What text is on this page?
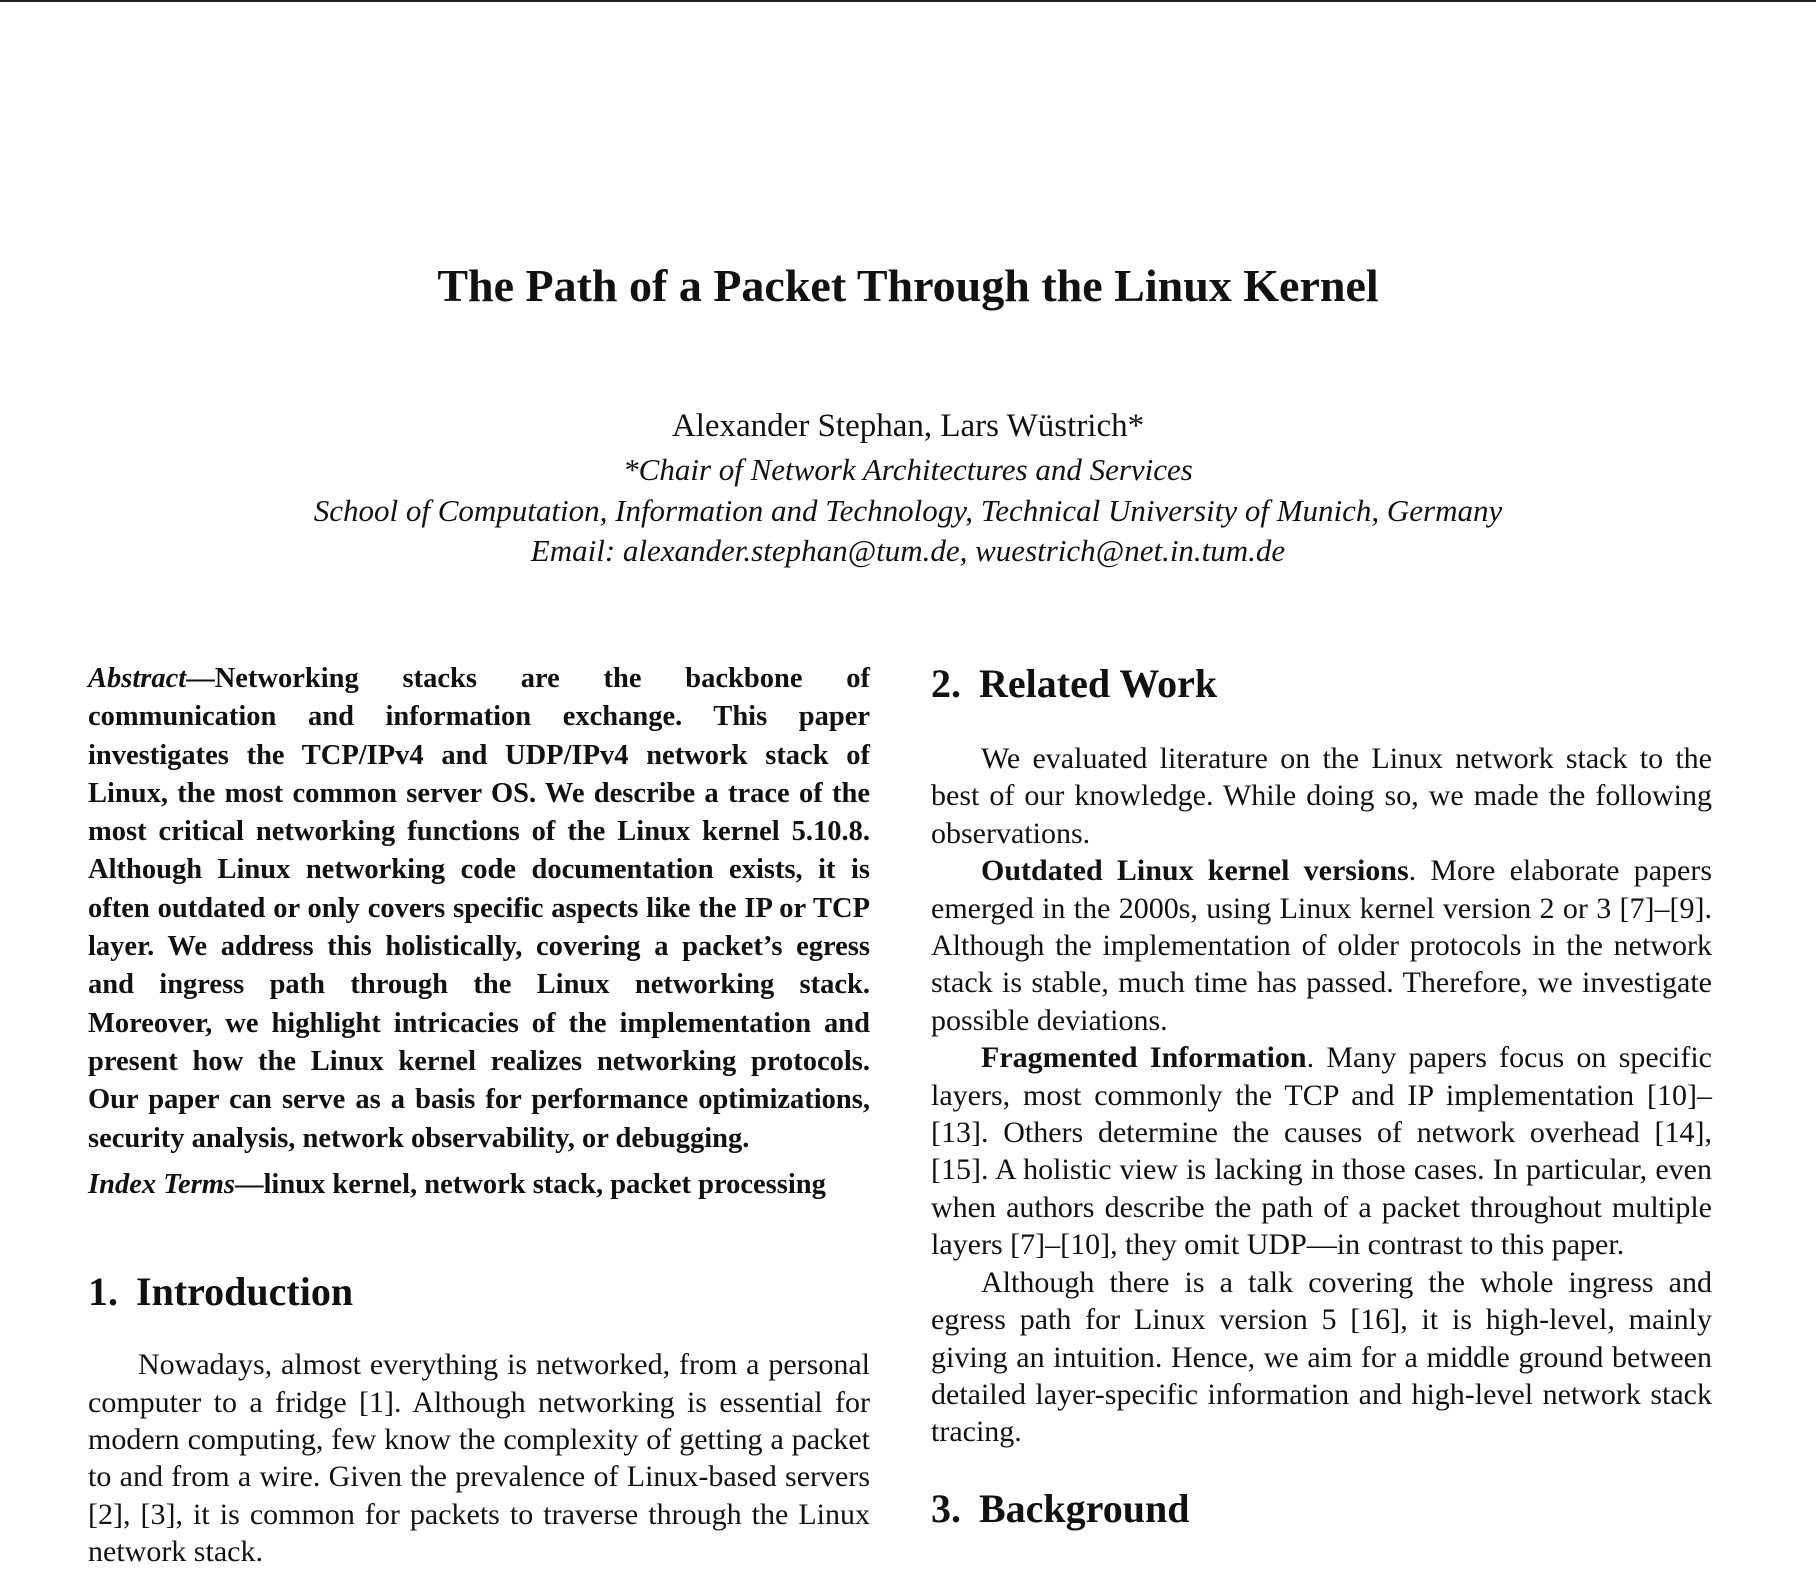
The Path of a Packet Through the Linux Kernel
Alexander Stephan, Lars Wüstrich*
*Chair of Network Architectures and Services
School of Computation, Information and Technology, Technical University of Munich, Germany
Email: alexander.stephan@tum.de, wuestrich@net.in.tum.de
Abstract—Networking stacks are the backbone of communication and information exchange. This paper investigates the TCP/IPv4 and UDP/IPv4 network stack of Linux, the most common server OS. We describe a trace of the most critical networking functions of the Linux kernel 5.10.8. Although Linux networking code documentation exists, it is often outdated or only covers specific aspects like the IP or TCP layer. We address this holistically, covering a packet’s egress and ingress path through the Linux networking stack. Moreover, we highlight intricacies of the implementation and present how the Linux kernel realizes networking protocols. Our paper can serve as a basis for performance optimizations, security analysis, network observability, or debugging.
Index Terms—linux kernel, network stack, packet processing
1. Introduction

Nowadays, almost everything is networked, from a personal computer to a fridge [1]. Although networking is essential for modern computing, few know the complexity of getting a packet to and from a wire. Given the prevalence of Linux-based servers [2], [3], it is common for packets to traverse through the Linux network stack.

2. Related Work

We evaluated literature on the Linux network stack to the best of our knowledge. While doing so, we made the following observations.

Outdated Linux kernel versions. More elaborate papers emerged in the 2000s, using Linux kernel version 2 or 3 [7]–[9]. Although the implementation of older protocols in the network stack is stable, much time has passed. Therefore, we investigate possible deviations.

Fragmented Information. Many papers focus on specific layers, most commonly the TCP and IP implementation [10]–[13]. Others determine the causes of network overhead [14], [15]. A holistic view is lacking in those cases. In particular, even when authors describe the path of a packet throughout multiple layers [7]–[10], they omit UDP—in contrast to this paper.

Although there is a talk covering the whole ingress and egress path for Linux version 5 [16], it is high-level, mainly giving an intuition. Hence, we aim for a middle ground between detailed layer-specific information and high-level network stack tracing.

3. Background
